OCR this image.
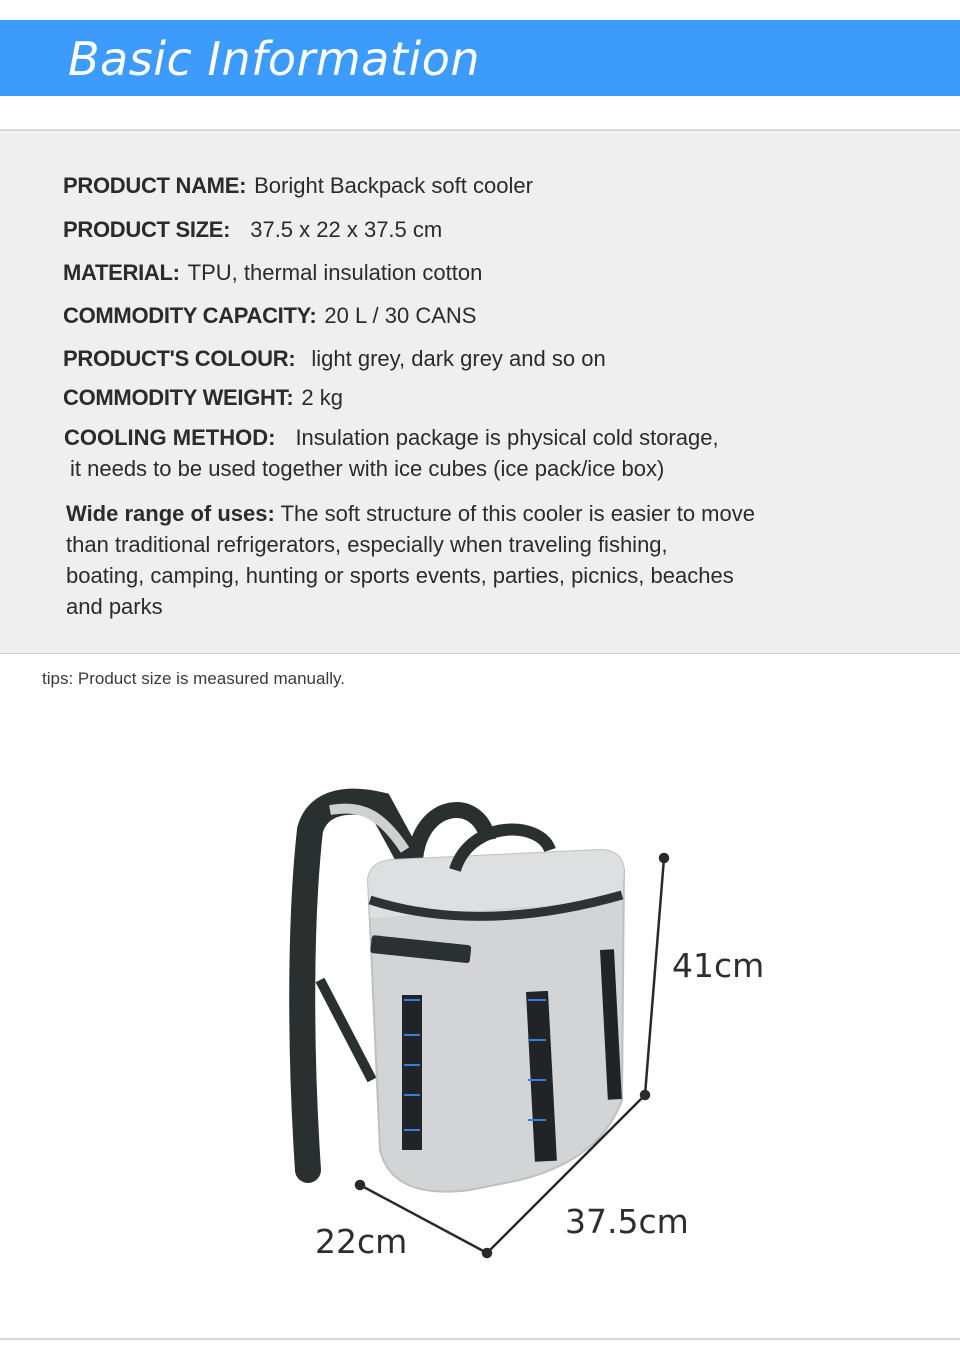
Basic Information
PRODUCT NAME: Boright Backpack soft cooler
PRODUCT SIZE: 37.5 x 22 x 37.5 cm
MATERIAL: TPU, thermal insulation cotton
COMMODITY CAPACITY: 20 L / 30 CANS
PRODUCT'S COLOUR: light grey, dark grey and so on
COMMODITY WEIGHT: 2 kg
COOLING METHOD: Insulation package is physical cold storage,
it needs to be used together with ice cubes (ice pack/ice box)
Wide range of uses: The soft structure of this cooler is easier to move
than traditional refrigerators, especially when traveling fishing,
boating, camping, hunting or sports events, parties, picnics, beaches
and parks
tips: Product size is measured manually.
41cm
37.5cm
22cm
